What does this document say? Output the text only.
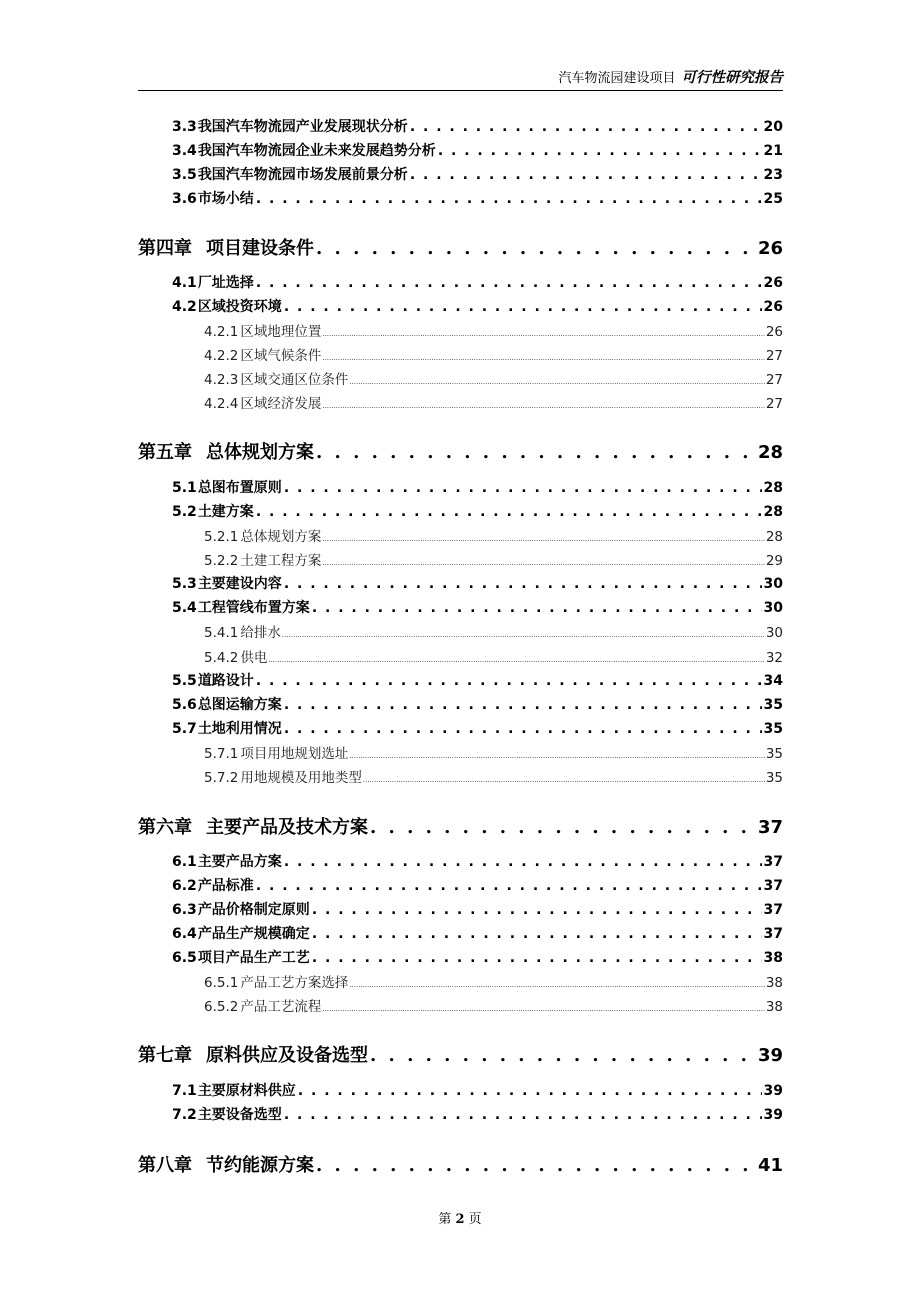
汽车物流园建设项目 可行性研究报告
3.3我国汽车物流园产业发展现状分析 . . .	20
3.4我国汽车物流园企业未来发展趋势分析 . . .	21
3.5我国汽车物流园市场发展前景分析 . . .	23
3.6市场小结 . . .	25
第四章 项目建设条件 . . .	26
4.1厂址选择 . . .	26
4.2区域投资环境 . . .	26
4.2.1 区域地理位置 .....	26
4.2.2 区域气候条件 .....	27
4.2.3 区域交通区位条件 .....	27
4.2.4 区域经济发展 .....	27
第五章 总体规划方案 . . .	28
5.1总图布置原则 . . .	28
5.2土建方案 . . .	28
5.2.1 总体规划方案 .....	28
5.2.2 土建工程方案 .....	29
5.3主要建设内容 . . .	30
5.4工程管线布置方案 . . .	30
5.4.1 给排水 .....	30
5.4.2 供电 .....	32
5.5道路设计 . . .	34
5.6总图运输方案 . . .	35
5.7土地利用情况 . . .	35
5.7.1 项目用地规划选址 .....	35
5.7.2 用地规模及用地类型 .....	35
第六章 主要产品及技术方案 . . .	37
6.1主要产品方案 . . .	37
6.2产品标准 . . .	37
6.3产品价格制定原则 . . .	37
6.4产品生产规模确定 . . .	37
6.5项目产品生产工艺 . . .	38
6.5.1 产品工艺方案选择 .....	38
6.5.2 产品工艺流程 .....	38
第七章 原料供应及设备选型 . . .	39
7.1主要原材料供应 . . .	39
7.2主要设备选型 . . .	39
第八章 节约能源方案 . . .	41
第 2 页
